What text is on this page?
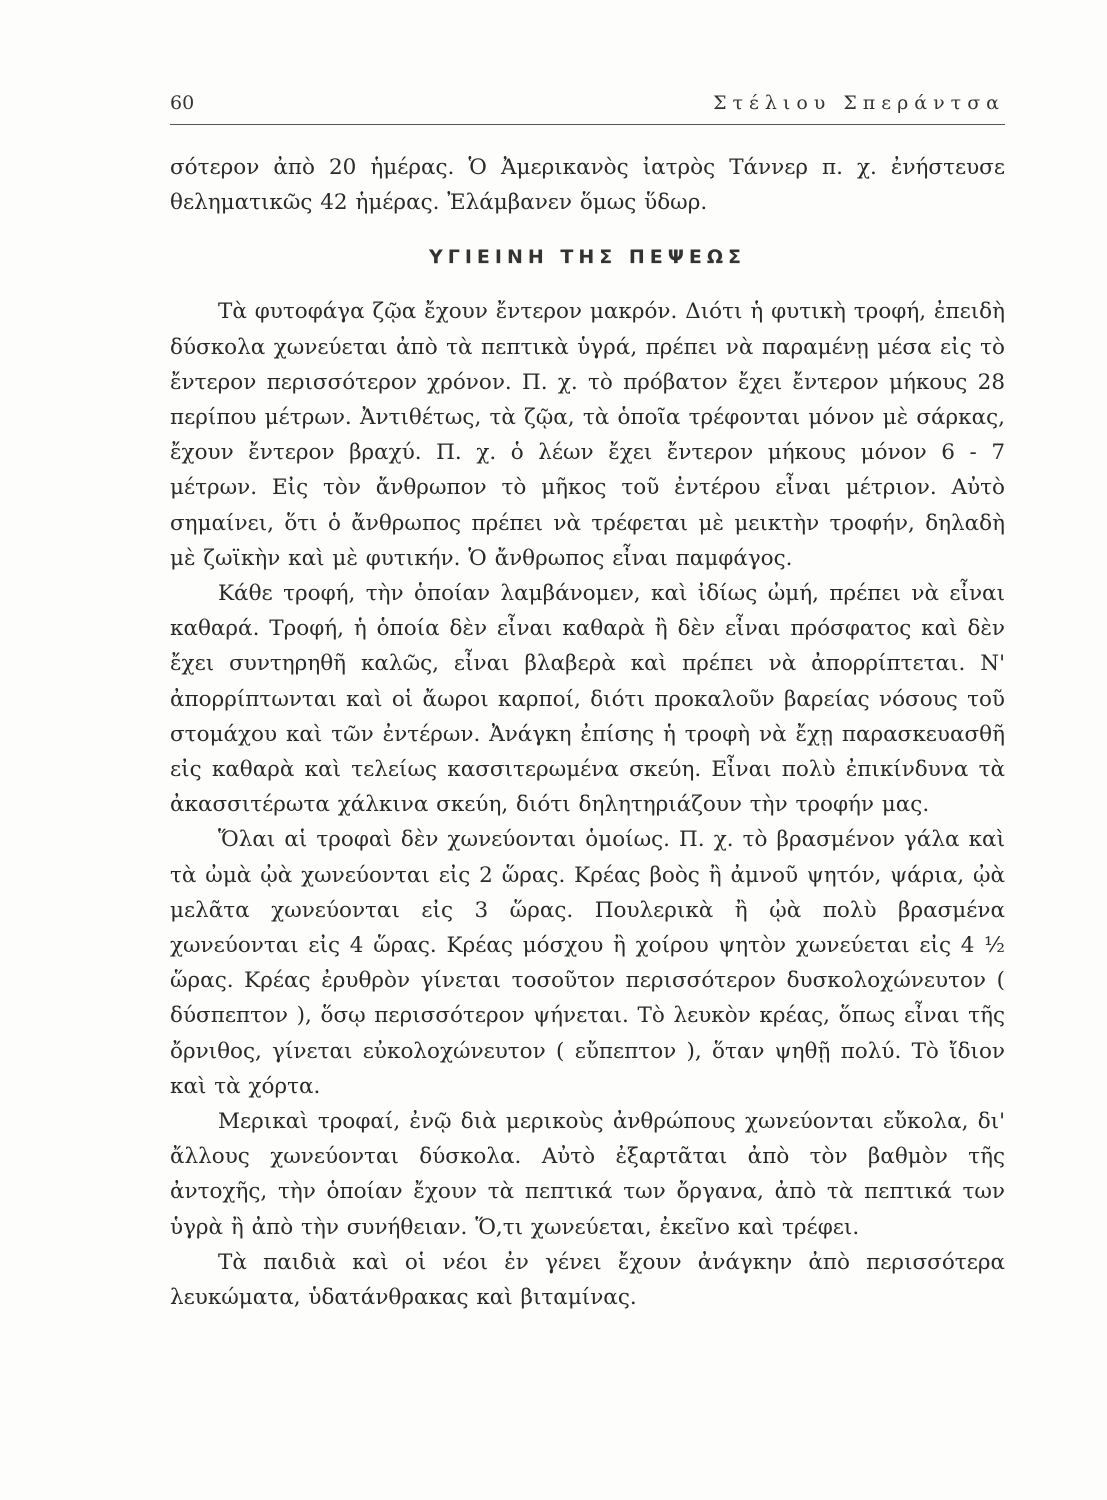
60	Στέλιου Σπεράντσα

σότερον ἀπὸ 20 ἡμέρας. Ὁ Ἀμερικανὸς ἰατρὸς Τάννερ π. χ. ἐνήστευσε θεληματικῶς 42 ἡμέρας. Ἐλάμβανεν ὅμως ὕδωρ.

ΥΓΙΕΙΝΗ ΤΗΣ ΠΕΨΕΩΣ

Τὰ φυτοφάγα ζῷα ἔχουν ἔντερον μακρόν. Διότι ἡ φυτικὴ τροφή, ἐπειδὴ δύσκολα χωνεύεται ἀπὸ τὰ πεπτικὰ ὑγρά, πρέπει νὰ παραμένῃ μέσα εἰς τὸ ἔντερον περισσότερον χρόνον. Π. χ. τὸ πρόβατον ἔχει ἔντερον μήκους 28 περίπου μέτρων. Ἀντιθέτως, τὰ ζῷα, τὰ ὁποῖα τρέφονται μόνον μὲ σάρκας, ἔχουν ἔντερον βραχύ. Π. χ. ὁ λέων ἔχει ἔντερον μήκους μόνον 6 - 7 μέτρων. Εἰς τὸν ἄνθρωπον τὸ μῆκος τοῦ ἐντέρου εἶναι μέτριον. Αὐτὸ σημαίνει, ὅτι ὁ ἄνθρωπος πρέπει νὰ τρέφεται μὲ μεικτὴν τροφήν, δηλαδὴ μὲ ζωϊκὴν καὶ μὲ φυτικήν. Ὁ ἄνθρωπος εἶναι παμφάγος.

Κάθε τροφή, τὴν ὁποίαν λαμβάνομεν, καὶ ἰδίως ὠμή, πρέπει νὰ εἶναι καθαρά. Τροφή, ἡ ὁποία δὲν εἶναι καθαρὰ ἢ δὲν εἶναι πρόσφατος καὶ δὲν ἔχει συντηρηθῆ καλῶς, εἶναι βλαβερὰ καὶ πρέπει νὰ ἀπορρίπτεται. Ν' ἀπορρίπτωνται καὶ οἱ ἄωροι καρποί, διότι προκαλοῦν βαρείας νόσους τοῦ στομάχου καὶ τῶν ἐντέρων. Ἀνάγκη ἐπίσης ἡ τροφὴ νὰ ἔχῃ παρασκευασθῆ εἰς καθαρὰ καὶ τελείως κασσιτερωμένα σκεύη. Εἶναι πολὺ ἐπικίνδυνα τὰ ἀκασσιτέρωτα χάλκινα σκεύη, διότι δηλητηριάζουν τὴν τροφήν μας.

Ὅλαι αἱ τροφαὶ δὲν χωνεύονται ὁμοίως. Π. χ. τὸ βρασμένον γάλα καὶ τὰ ὠμὰ ᾠὰ χωνεύονται εἰς 2 ὥρας. Κρέας βοὸς ἢ ἀμνοῦ ψητόν, ψάρια, ᾠὰ μελᾶτα χωνεύονται εἰς 3 ὥρας. Πουλερικὰ ἢ ᾠὰ πολὺ βρασμένα χωνεύονται εἰς 4 ὥρας. Κρέας μόσχου ἢ χοίρου ψητὸν χωνεύεται εἰς 4 ½ ὥρας. Κρέας ἐρυθρὸν γίνεται τοσοῦτον περισσότερον δυσκολοχώνευτον ( δύσπεπτον ), ὅσῳ περισσότερον ψήνεται. Τὸ λευκὸν κρέας, ὅπως εἶναι τῆς ὄρνιθος, γίνεται εὐκολοχώνευτον ( εὔπεπτον ), ὅταν ψηθῇ πολύ. Τὸ ἴδιον καὶ τὰ χόρτα.

Μερικαὶ τροφαί, ἐνῷ διὰ μερικοὺς ἀνθρώπους χωνεύονται εὔκολα, δι' ἄλλους χωνεύονται δύσκολα. Αὐτὸ ἐξαρτᾶται ἀπὸ τὸν βαθμὸν τῆς ἀντοχῆς, τὴν ὁποίαν ἔχουν τὰ πεπτικά των ὄργανα, ἀπὸ τὰ πεπτικά των ὑγρὰ ἢ ἀπὸ τὴν συνήθειαν. Ὅ,τι χωνεύεται, ἐκεῖνο καὶ τρέφει.

Τὰ παιδιὰ καὶ οἱ νέοι ἐν γένει ἔχουν ἀνάγκην ἀπὸ περισσότερα λευκώματα, ὑδατάνθρακας καὶ βιταμίνας.
